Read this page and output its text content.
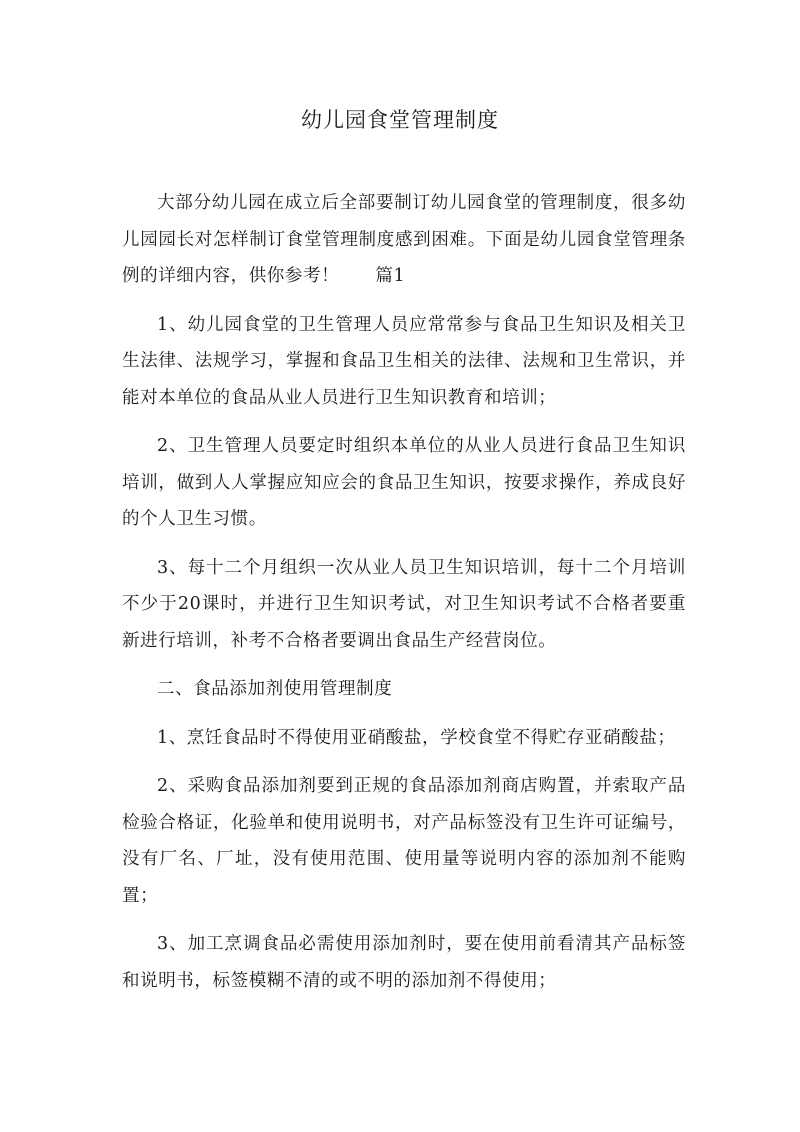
幼儿园食堂管理制度

大部分幼儿园在成立后全部要制订幼儿园食堂的管理制度，很多幼儿园园长对怎样制订食堂管理制度感到困难。下面是幼儿园食堂管理条例的详细内容，供你参考！　　篇1

1、幼儿园食堂的卫生管理人员应常常参与食品卫生知识及相关卫生法律、法规学习，掌握和食品卫生相关的法律、法规和卫生常识，并能对本单位的食品从业人员进行卫生知识教育和培训；

2、卫生管理人员要定时组织本单位的从业人员进行食品卫生知识培训，做到人人掌握应知应会的食品卫生知识，按要求操作，养成良好的个人卫生习惯。

3、每十二个月组织一次从业人员卫生知识培训，每十二个月培训不少于20课时，并进行卫生知识考试，对卫生知识考试不合格者要重新进行培训，补考不合格者要调出食品生产经营岗位。

二、食品添加剂使用管理制度

1、烹饪食品时不得使用亚硝酸盐，学校食堂不得贮存亚硝酸盐；

2、采购食品添加剂要到正规的食品添加剂商店购置，并索取产品检验合格证，化验单和使用说明书，对产品标签没有卫生许可证编号，没有厂名、厂址，没有使用范围、使用量等说明内容的添加剂不能购置；

3、加工烹调食品必需使用添加剂时，要在使用前看清其产品标签和说明书，标签模糊不清的或不明的添加剂不得使用；
